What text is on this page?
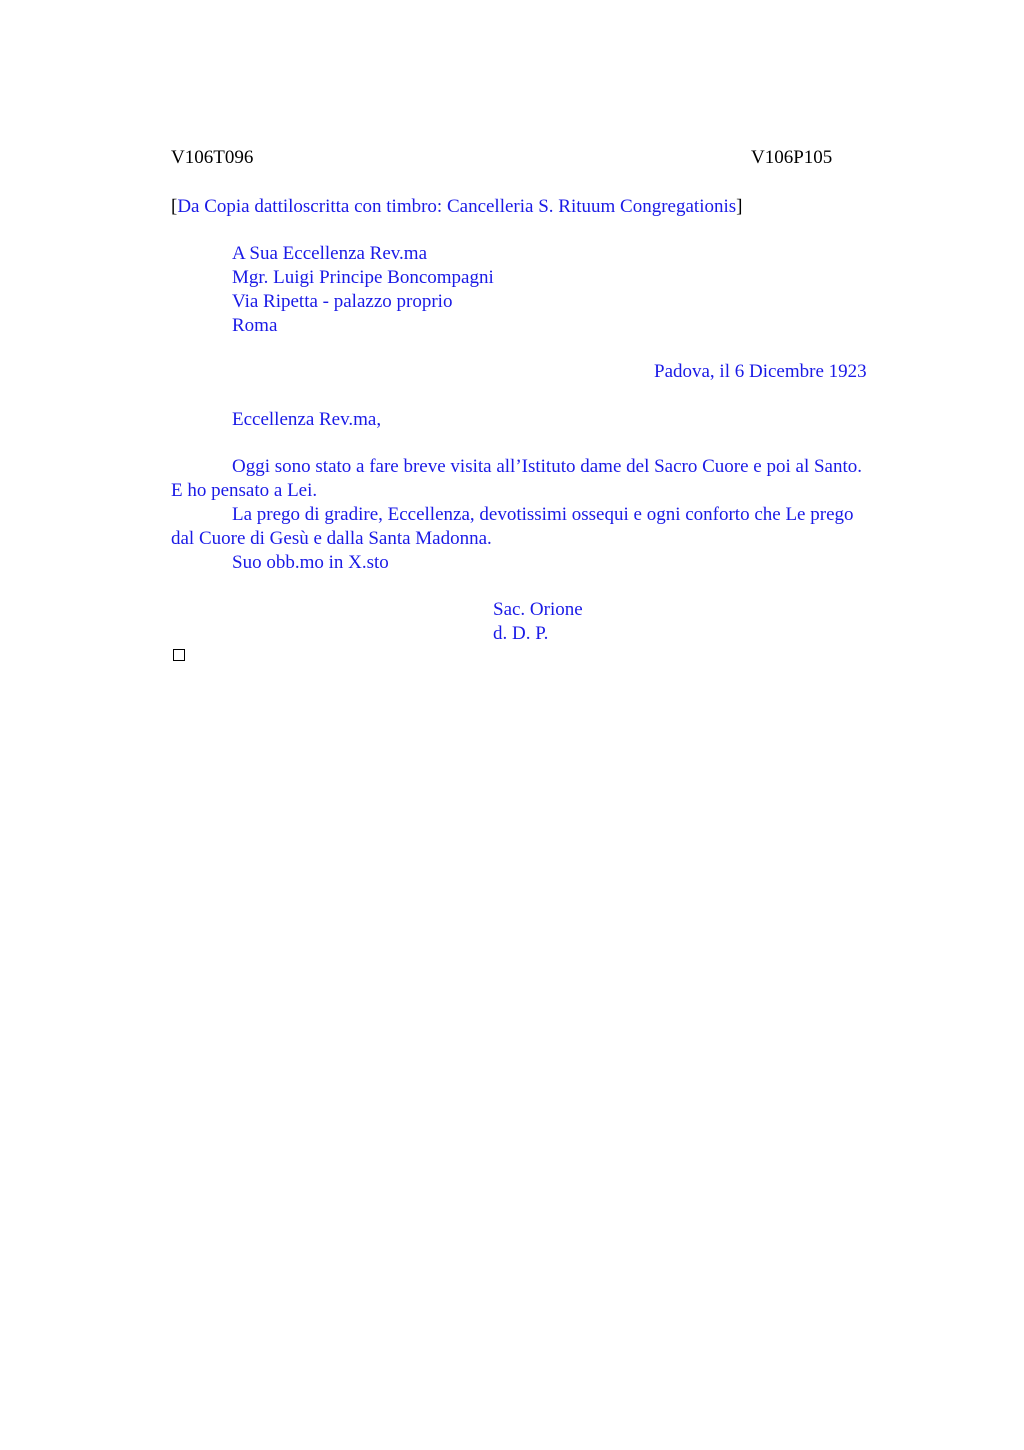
V106T096	V106P105
[Da Copia dattiloscritta con timbro: Cancelleria S. Rituum Congregationis]
A Sua Eccellenza Rev.ma
Mgr. Luigi Principe Boncompagni
Via Ripetta - palazzo proprio
Roma
Padova, il 6 Dicembre 1923
Eccellenza Rev.ma,
Oggi sono stato a fare breve visita all’Istituto dame del Sacro Cuore e poi al Santo.
E ho pensato a Lei.
La prego di gradire, Eccellenza, devotissimi ossequi e ogni conforto che Le prego
dal Cuore di Gesù e dalla Santa Madonna.
Suo obb.mo in X.sto
Sac. Orione
d. D. P.
